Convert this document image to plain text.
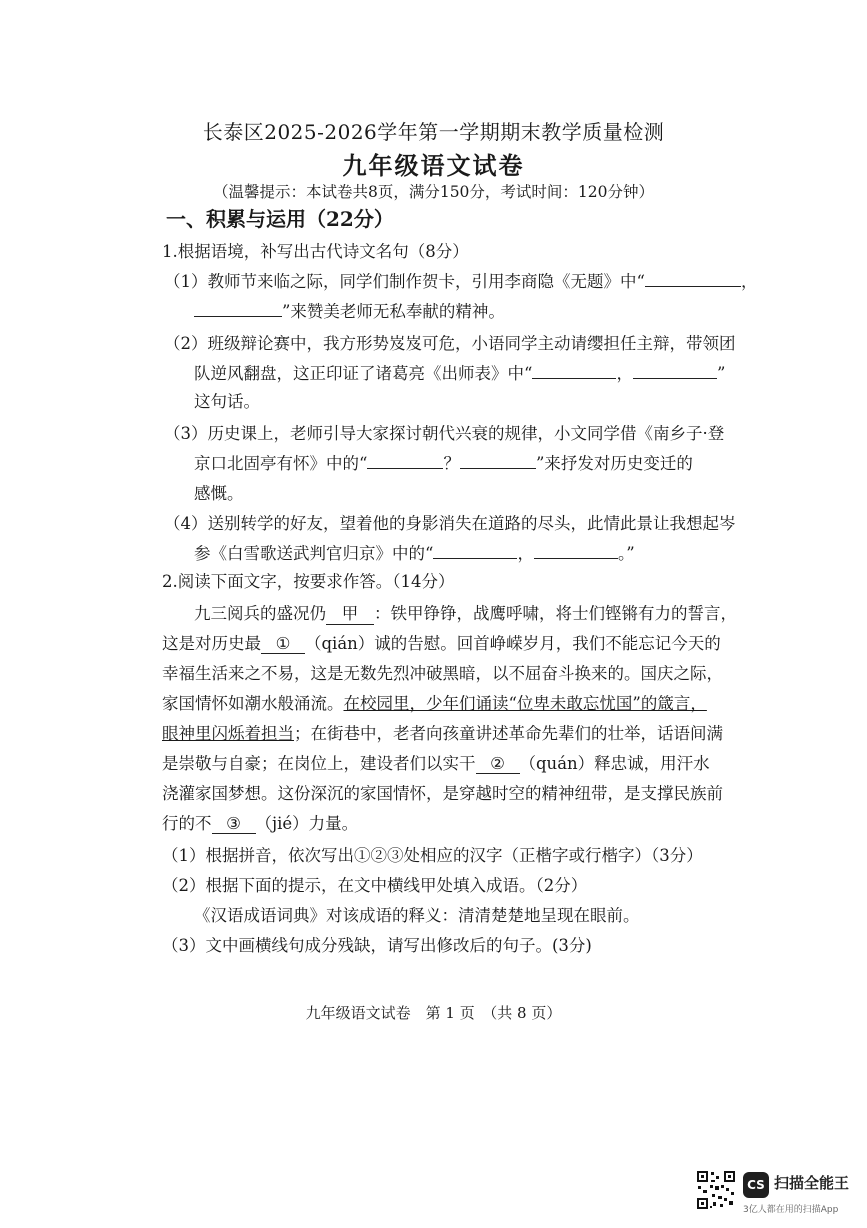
长泰区2025-2026学年第一学期期末教学质量检测
九年级语文试卷
（温馨提示：本试卷共8页，满分150分，考试时间：120分钟）
一、积累与运用（22分）
1.根据语境，补写出古代诗文名句（8分）
（1）教师节来临之际，同学们制作贺卡，引用李商隐《无题》中“	，
”来赞美老师无私奉献的精神。
（2）班级辩论赛中，我方形势岌岌可危，小语同学主动请缨担任主辩，带领团
队逆风翻盘，这正印证了诸葛亮《出师表》中“	，	”
这句话。
（3）历史课上，老师引导大家探讨朝代兴衰的规律，小文同学借《南乡子·登
京口北固亭有怀》中的“	？	”来抒发对历史变迁的
感慨。
（4）送别转学的好友，望着他的身影消失在道路的尽头，此情此景让我想起岑
参《白雪歌送武判官归京》中的“	，	。”
2.阅读下面文字，按要求作答。（14分）
九三阅兵的盛况仍 甲 ：铁甲铮铮，战鹰呼啸，将士们铿锵有力的誓言，
这是对历史最 ① （qián）诚的告慰。回首峥嵘岁月，我们不能忘记今天的
幸福生活来之不易，这是无数先烈冲破黑暗，以不屈奋斗换来的。国庆之际，
家国情怀如潮水般涌流。在校园里，少年们诵读“位卑未敢忘忧国”的箴言，
眼神里闪烁着担当；在街巷中，老者向孩童讲述革命先辈们的壮举，话语间满
是崇敬与自豪；在岗位上，建设者们以实干 ② （quán）释忠诚，用汗水
浇灌家国梦想。这份深沉的家国情怀，是穿越时空的精神纽带，是支撑民族前
行的不 ③ （jié）力量。
（1）根据拼音，依次写出①②③处相应的汉字（正楷字或行楷字）（3分）
（2）根据下面的提示，在文中横线甲处填入成语。（2分）
《汉语成语词典》对该成语的释义：清清楚楚地呈现在眼前。
（3）文中画横线句成分残缺，请写出修改后的句子。(3分)
九年级语文试卷　第 1 页　（共 8 页）
CS 扫描全能王
3亿人都在用的扫描App
